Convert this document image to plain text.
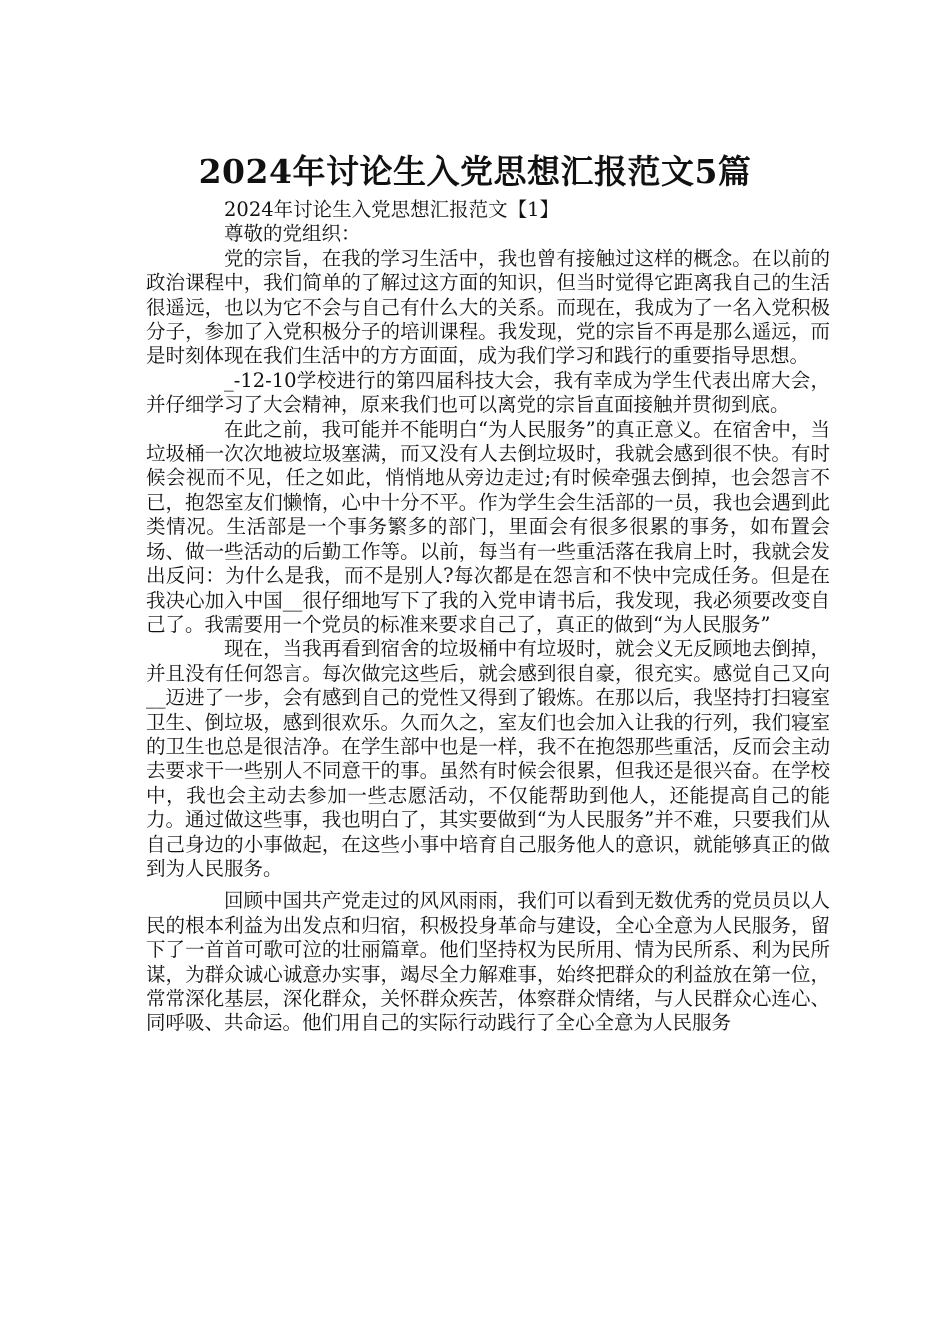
2024年讨论生入党思想汇报范文5篇

2024年讨论生入党思想汇报范文【1】

尊敬的党组织：

党的宗旨，在我的学习生活中，我也曾有接触过这样的概念。在以前的政治课程中，我们简单的了解过这方面的知识，但当时觉得它距离我自己的生活很遥远，也以为它不会与自己有什么大的关系。而现在，我成为了一名入党积极分子，参加了入党积极分子的培训课程。我发现，党的宗旨不再是那么遥远，而是时刻体现在我们生活中的方方面面，成为我们学习和践行的重要指导思想。

_-12-10学校进行的第四届科技大会，我有幸成为学生代表出席大会，并仔细学习了大会精神，原来我们也可以离党的宗旨直面接触并贯彻到底。

在此之前，我可能并不能明白“为人民服务”的真正意义。在宿舍中，当垃圾桶一次次地被垃圾塞满，而又没有人去倒垃圾时，我就会感到很不快。有时候会视而不见，任之如此，悄悄地从旁边走过;有时候牵强去倒掉，也会怨言不已，抱怨室友们懒惰，心中十分不平。作为学生会生活部的一员，我也会遇到此类情况。生活部是一个事务繁多的部门，里面会有很多很累的事务，如布置会场、做一些活动的后勤工作等。以前，每当有一些重活落在我肩上时，我就会发出反问：为什么是我，而不是别人?每次都是在怨言和不快中完成任务。但是在我决心加入中国__很仔细地写下了我的入党申请书后，我发现，我必须要改变自己了。我需要用一个党员的标准来要求自己了，真正的做到“为人民服务”

现在，当我再看到宿舍的垃圾桶中有垃圾时，就会义无反顾地去倒掉，并且没有任何怨言。每次做完这些后，就会感到很自豪，很充实。感觉自己又向__迈进了一步，会有感到自己的党性又得到了锻炼。在那以后，我坚持打扫寝室卫生、倒垃圾，感到很欢乐。久而久之，室友们也会加入让我的行列，我们寝室的卫生也总是很洁净。在学生部中也是一样，我不在抱怨那些重活，反而会主动去要求干一些别人不同意干的事。虽然有时候会很累，但我还是很兴奋。在学校中，我也会主动去参加一些志愿活动，不仅能帮助到他人，还能提高自己的能力。通过做这些事，我也明白了，其实要做到“为人民服务”并不难，只要我们从自己身边的小事做起，在这些小事中培育自己服务他人的意识，就能够真正的做到为人民服务。

回顾中国共产党走过的风风雨雨，我们可以看到无数优秀的党员员以人民的根本利益为出发点和归宿，积极投身革命与建设，全心全意为人民服务，留下了一首首可歌可泣的壮丽篇章。他们坚持权为民所用、情为民所系、利为民所谋，为群众诚心诚意办实事，竭尽全力解难事，始终把群众的利益放在第一位，常常深化基层，深化群众，关怀群众疾苦，体察群众情绪，与人民群众心连心、同呼吸、共命运。他们用自己的实际行动践行了全心全意为人民服务
